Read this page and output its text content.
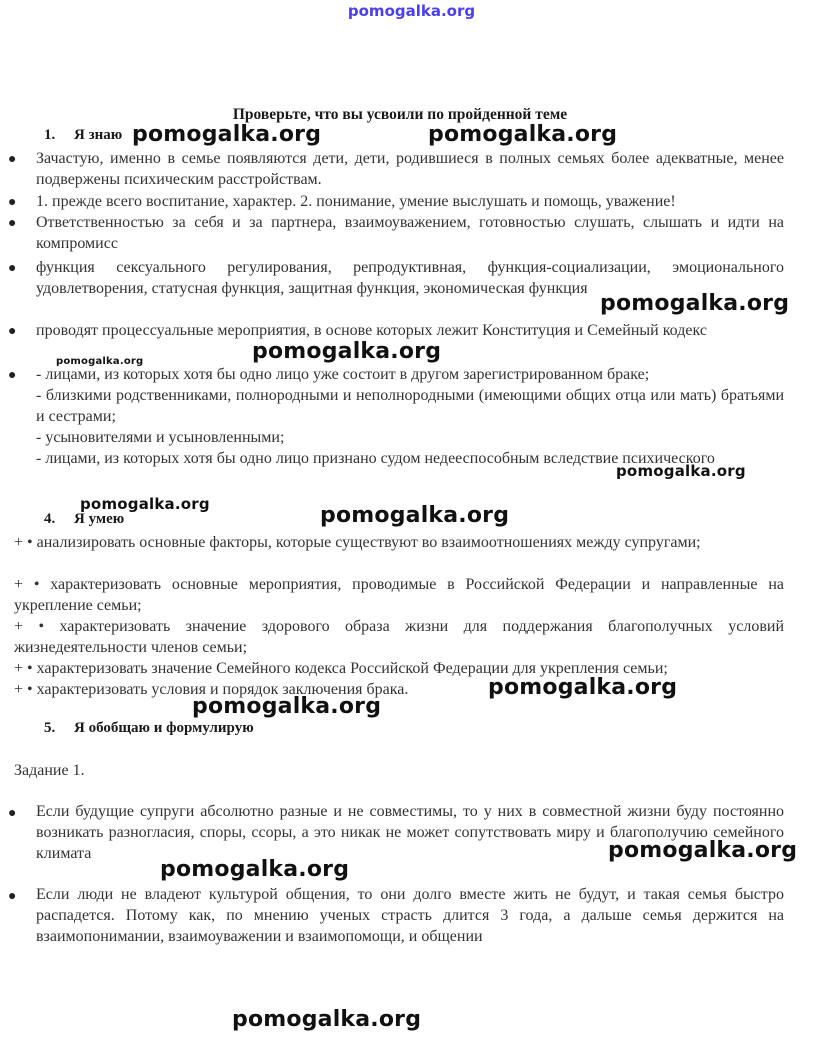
pomogalka.org
Проверьте, что вы усвоили по пройденной теме
1. Я знаю
● Зачастую, именно в семье появляются дети, дети, родившиеся в полных семьях более адекватные, менее подвержены психическим расстройствам.
● 1. прежде всего воспитание, характер. 2. понимание, умение выслушать и помощь, уважение!
● Ответственностью за себя и за партнера, взаимоуважением, готовностью слушать, слышать и идти на компромисс
● функция сексуального регулирования, репродуктивная, функция-социализации, эмоционального удовлетворения, статусная функция, защитная функция, экономическая функция
● проводят процессуальные мероприятия, в основе которых лежит Конституция и Семейный кодекс
● - лицами, из которых хотя бы одно лицо уже состоит в другом зарегистрированном браке;
- близкими родственниками, полнородными и неполнородными (имеющими общих отца или мать) братьями и сестрами;
- усыновителями и усыновленными;
- лицами, из которых хотя бы одно лицо признано судом недееспособным вследствие психического
4. Я умею
+ • анализировать основные факторы, которые существуют во взаимоотношениях между супругами;
+ • характеризовать основные мероприятия, проводимые в Российской Федерации и направленные на укрепление семьи;
+ • характеризовать значение здорового образа жизни для поддержания благополучных условий жизнедеятельности членов семьи;
+ • характеризовать значение Семейного кодекса Российской Федерации для укрепления семьи;
+ • характеризовать условия и порядок заключения брака.
5. Я обобщаю и формулирую
Задание 1.
● Если будущие супруги абсолютно разные и не совместимы, то у них в совместной жизни буду постоянно возникать разногласия, споры, ссоры, а это никак не может сопутствовать миру и благополучию семейного климата
● Если люди не владеют культурой общения, то они долго вместе жить не будут, и такая семья быстро распадется. Потому как, по мнению ученых страсть длится 3 года, а дальше семья держится на взаимопонимании, взаимоуважении и взаимопомощи, и общении
pomogalka.org	pomogalka.org
pomogalka.org
pomogalka.org
pomogalka.org
pomogalka.org
pomogalka.org	pomogalka.org
pomogalka.org
pomogalka.org
pomogalka.org
pomogalka.org
pomogalka.org
